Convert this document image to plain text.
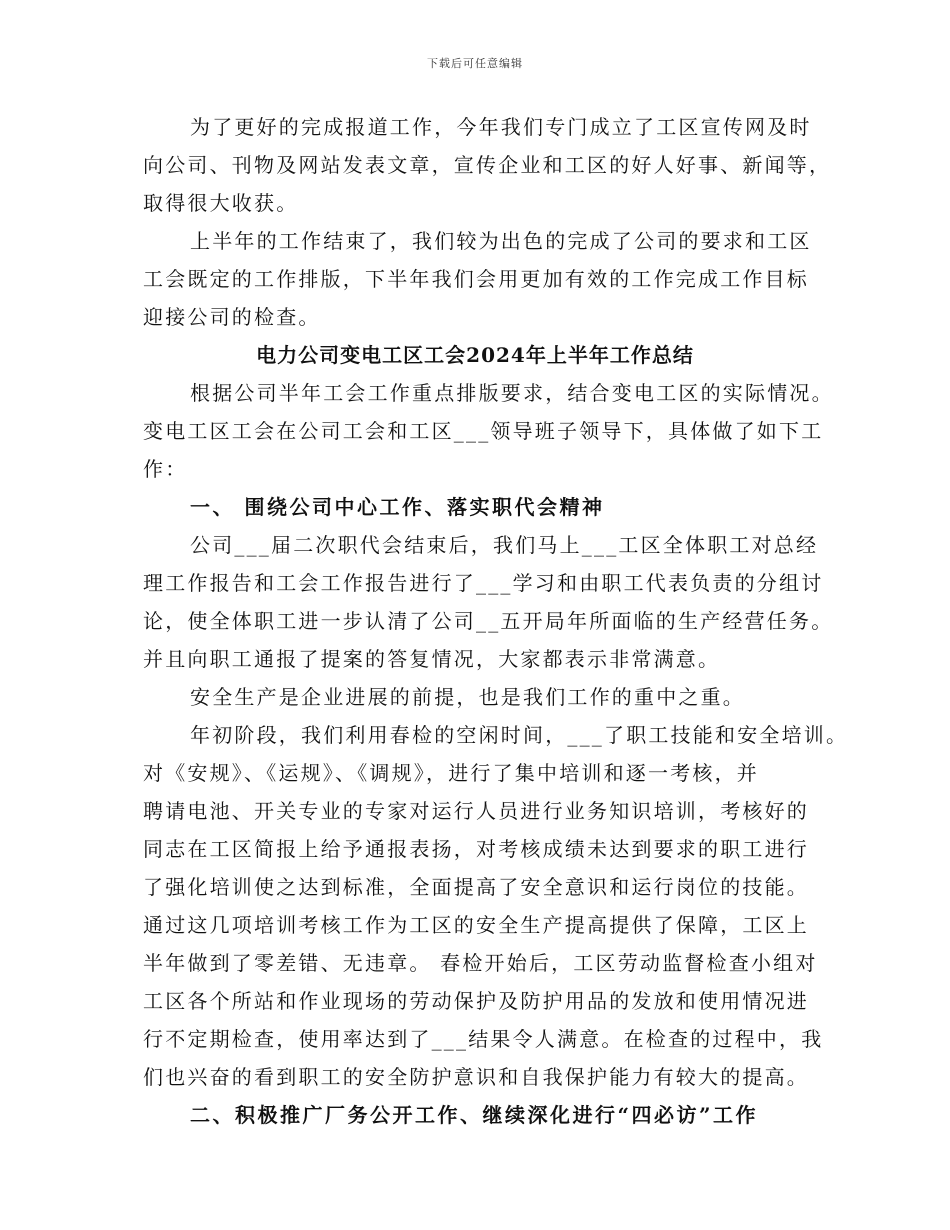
下载后可任意编辑
为了更好的完成报道工作，今年我们专门成立了工区宣传网及时
向公司、刊物及网站发表文章，宣传企业和工区的好人好事、新闻等，
取得很大收获。
上半年的工作结束了，我们较为出色的完成了公司的要求和工区
工会既定的工作排版，下半年我们会用更加有效的工作完成工作目标
迎接公司的检查。
电力公司变电工区工会2024年上半年工作总结
根据公司半年工会工作重点排版要求，结合变电工区的实际情况。
变电工区工会在公司工会和工区___领导班子领导下，具体做了如下工
作：
一、 围绕公司中心工作、落实职代会精神
公司___届二次职代会结束后，我们马上___工区全体职工对总经
理工作报告和工会工作报告进行了___学习和由职工代表负责的分组讨
论，使全体职工进一步认清了公司__五开局年所面临的生产经营任务。
并且向职工通报了提案的答复情况，大家都表示非常满意。
安全生产是企业进展的前提，也是我们工作的重中之重。
年初阶段，我们利用春检的空闲时间，___了职工技能和安全培训。
对《安规》、《运规》、《调规》，进行了集中培训和逐一考核，并
聘请电池、开关专业的专家对运行人员进行业务知识培训，考核好的
同志在工区简报上给予通报表扬，对考核成绩未达到要求的职工进行
了强化培训使之达到标准，全面提高了安全意识和运行岗位的技能。
通过这几项培训考核工作为工区的安全生产提高提供了保障，工区上
半年做到了零差错、无违章。 春检开始后，工区劳动监督检查小组对
工区各个所站和作业现场的劳动保护及防护用品的发放和使用情况进
行不定期检查，使用率达到了___结果令人满意。在检查的过程中，我
们也兴奋的看到职工的安全防护意识和自我保护能力有较大的提高。
二、积极推广厂务公开工作、继续深化进行“四必访”工作
